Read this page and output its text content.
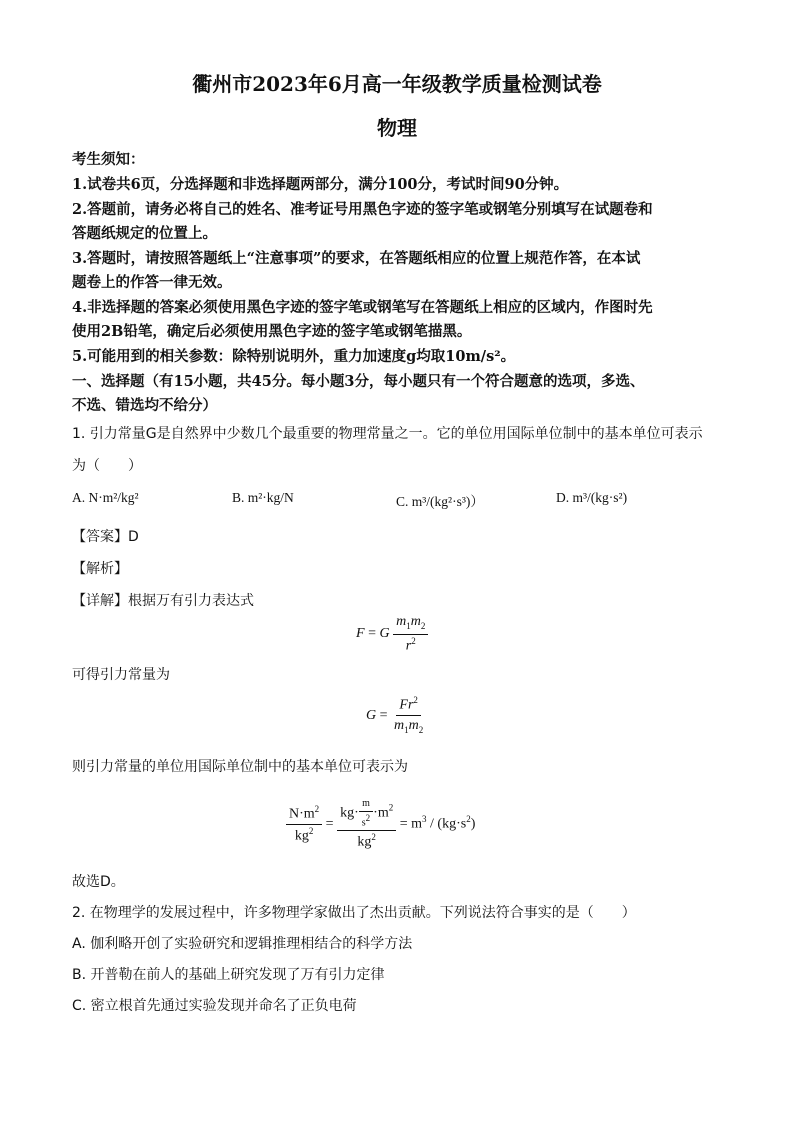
衢州市2023年6月高一年级教学质量检测试卷
物理
考生须知：
1.试卷共6页，分选择题和非选择题两部分，满分100分，考试时间90分钟。
2.答题前，请务必将自己的姓名、准考证号用黑色字迹的签字笔或钢笔分别填写在试题卷和
答题纸规定的位置上。
3.答题时，请按照答题纸上“注意事项”的要求，在答题纸相应的位置上规范作答，在本试
题卷上的作答一律无效。
4.非选择题的答案必须使用黑色字迹的签字笔或钢笔写在答题纸上相应的区域内，作图时先
使用2B铅笔，确定后必须使用黑色字迹的签字笔或钢笔描黑。
5.可能用到的相关参数：除特别说明外，重力加速度g均取10m/s²。
一、选择题（有15小题，共45分。每小题3分，每小题只有一个符合题意的选项，多选、
不选、错选均不给分）
1. 引力常量G是自然界中少数几个最重要的物理常量之一。它的单位用国际单位制中的基本单位可表示
为（　　）
A. N·m²/kg²	B. m²·kg/N	C. m³/(kg²·s³)）	D. m³/(kg·s²)
【答案】D
【解析】
【详解】根据万有引力表达式
F = G $\frac{m_1m_2}{r^2}$
可得引力常量为
$G = \frac{Fr^2}{m_1m_2}$
则引力常量的单位用国际单位制中的基本单位可表示为
$\frac{N\cdot m^2}{kg^2} = \frac{kg\cdot \frac{m}{s^2} \cdot m^2}{kg^2} = m^3 / (kg\cdot s^2)$
故选D。
2. 在物理学的发展过程中，许多物理学家做出了杰出贡献。下列说法符合事实的是（　　）
A. 伽利略开创了实验研究和逻辑推理相结合的科学方法
B. 开普勒在前人的基础上研究发现了万有引力定律
C. 密立根首先通过实验发现并命名了正负电荷
